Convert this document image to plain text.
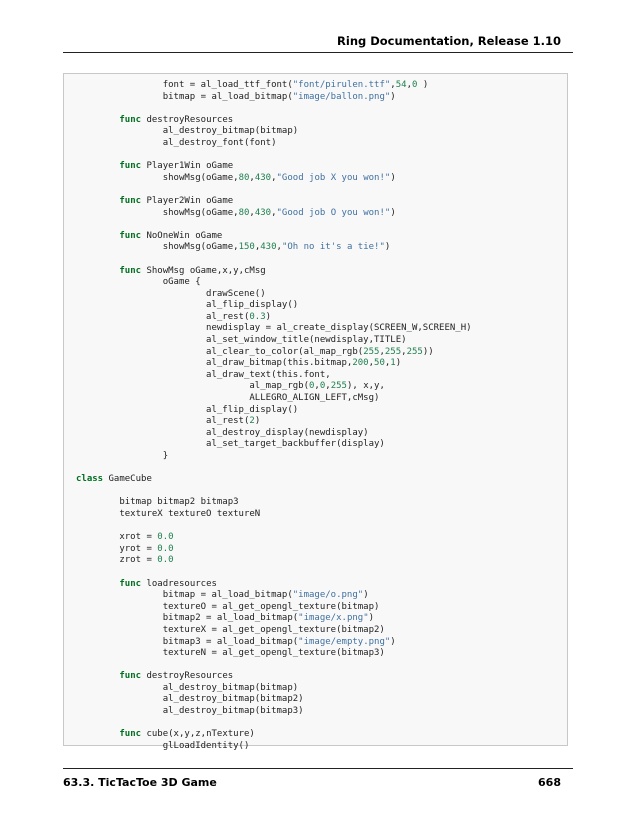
Ring Documentation, Release 1.10
font = al_load_ttf_font("font/pirulen.ttf",54,0 )
bitmap = al_load_bitmap("image/ballon.png")

func destroyResources
al_destroy_bitmap(bitmap)
al_destroy_font(font)

func Player1Win oGame
showMsg(oGame,80,430,"Good job X you won!")

func Player2Win oGame
showMsg(oGame,80,430,"Good job O you won!")

func NoOneWin oGame
showMsg(oGame,150,430,"Oh no it's a tie!")

func ShowMsg oGame,x,y,cMsg
oGame {
drawScene()
al_flip_display()
al_rest(0.3)
newdisplay = al_create_display(SCREEN_W,SCREEN_H)
al_set_window_title(newdisplay,TITLE)
al_clear_to_color(al_map_rgb(255,255,255))
al_draw_bitmap(this.bitmap,200,50,1)
al_draw_text(this.font,
al_map_rgb(0,0,255), x,y,
ALLEGRO_ALIGN_LEFT,cMsg)
al_flip_display()
al_rest(2)
al_destroy_display(newdisplay)
al_set_target_backbuffer(display)
}

class GameCube

bitmap bitmap2 bitmap3
textureX textureO textureN

xrot = 0.0
yrot = 0.0
zrot = 0.0

func loadresources
bitmap = al_load_bitmap("image/o.png")
textureO = al_get_opengl_texture(bitmap)
bitmap2 = al_load_bitmap("image/x.png")
textureX = al_get_opengl_texture(bitmap2)
bitmap3 = al_load_bitmap("image/empty.png")
textureN = al_get_opengl_texture(bitmap3)

func destroyResources
al_destroy_bitmap(bitmap)
al_destroy_bitmap(bitmap2)
al_destroy_bitmap(bitmap3)

func cube(x,y,z,nTexture)
glLoadIdentity()
63.3. TicTacToe 3D Game	668
